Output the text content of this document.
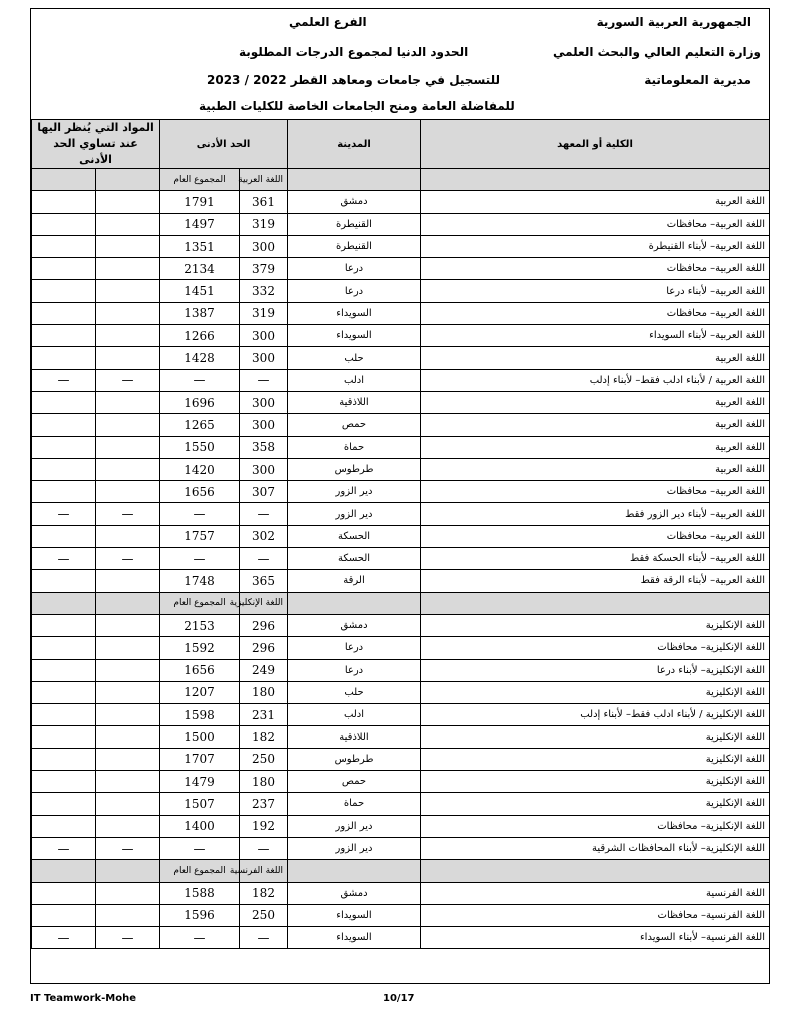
الجمهورية العربية السورية
وزارة التعليم العالي والبحث العلمي
مديرية المعلوماتية
الفرع العلمي
الحدود الدنيا لمجموع الدرجات المطلوبة
للتسجيل في جامعات ومعاهد القطر 2022 / 2023
للمفاضلة العامة ومنح الجامعات الخاصة للكليات الطبية
الكلية أو المعهد	المدينة	الحد الأدنى		المواد التي يُنظر اليها عند تساوي الحد الأدنى	
		اللغة العربية	المجموع العام		
اللغة العربية	دمشق	361	1791		
اللغة العربية– محافظات	القنيطرة	319	1497		
اللغة العربية– لأبناء القنيطرة	القنيطرة	300	1351		
اللغة العربية– محافظات	درعا	379	2134		
اللغة العربية– لأبناء درعا	درعا	332	1451		
اللغة العربية– محافظات	السويداء	319	1387		
اللغة العربية– لأبناء السويداء	السويداء	300	1266		
اللغة العربية	حلب	300	1428		
اللغة العربية / لأبناء ادلب فقط– لأبناء إدلب	ادلب	—	—	—	—
اللغة العربية	اللاذقية	300	1696		
اللغة العربية	حمص	300	1265		
اللغة العربية	حماة	358	1550		
اللغة العربية	طرطوس	300	1420		
اللغة العربية– محافظات	دير الزور	307	1656		
اللغة العربية– لأبناء دير الزور فقط	دير الزور	—	—	—	—
اللغة العربية– محافظات	الحسكة	302	1757		
اللغة العربية– لأبناء الحسكة فقط	الحسكة	—	—	—	—
اللغة العربية– لأبناء الرقة فقط	الرقة	365	1748		
		اللغة الإنكليزية	المجموع العام		
اللغة الإنكليزية	دمشق	296	2153		
اللغة الإنكليزية– محافظات	درعا	296	1592		
اللغة الإنكليزية– لأبناء درعا	درعا	249	1656		
اللغة الإنكليزية	حلب	180	1207		
اللغة الإنكليزية / لأبناء ادلب فقط– لأبناء إدلب	ادلب	231	1598		
اللغة الإنكليزية	اللاذقية	182	1500		
اللغة الإنكليزية	طرطوس	250	1707		
اللغة الإنكليزية	حمص	180	1479		
اللغة الإنكليزية	حماة	237	1507		
اللغة الإنكليزية– محافظات	دير الزور	192	1400		
اللغة الإنكليزية– لأبناء المحافظات الشرقية	دير الزور	—	—	—	—
		اللغة الفرنسية	المجموع العام		
اللغة الفرنسية	دمشق	182	1588		
اللغة الفرنسية– محافظات	السويداء	250	1596		
اللغة الفرنسية– لأبناء السويداء	السويداء	—	—	—	—
IT Teamwork-Mohe	10/17
